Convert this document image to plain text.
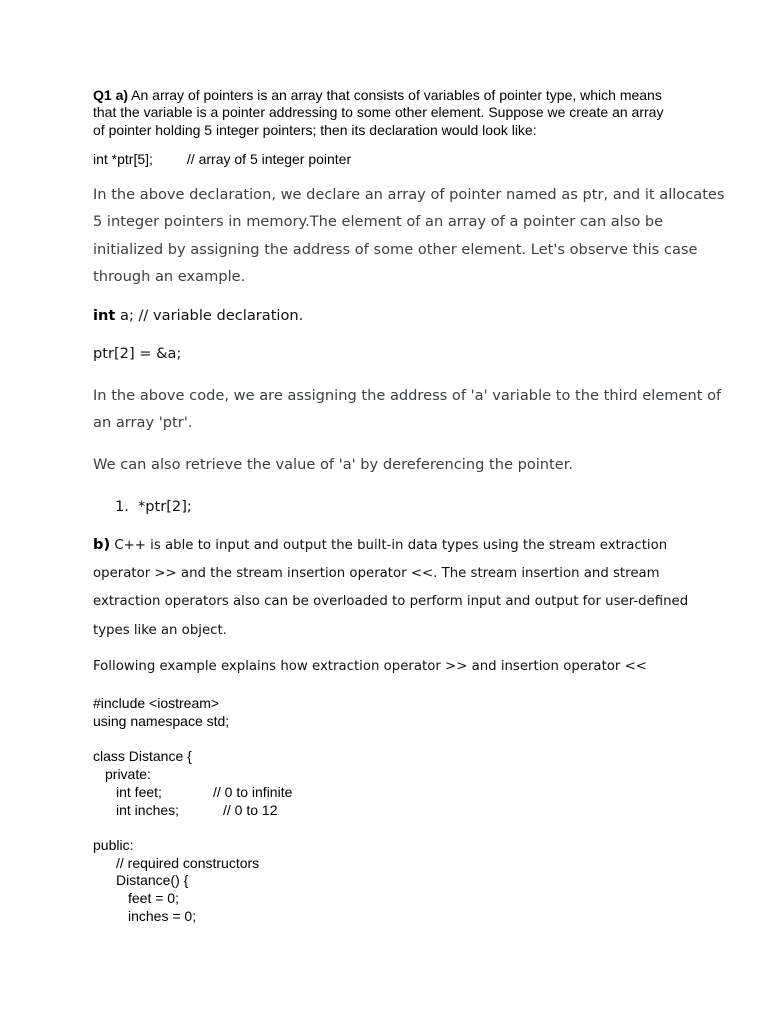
Q1 a) An array of pointers is an array that consists of variables of pointer type, which means

that the variable is a pointer addressing to some other element. Suppose we create an array

of pointer holding 5 integer pointers; then its declaration would look like:

int *ptr[5]; // array of 5 integer pointer

In the above declaration, we declare an array of pointer named as ptr, and it allocates

5 integer pointers in memory.The element of an array of a pointer can also be

initialized by assigning the address of some other element. Let's observe this case

through an example.

int a; // variable declaration.

ptr[2] = &a;

In the above code, we are assigning the address of 'a' variable to the third element of

an array 'ptr'.

We can also retrieve the value of 'a' by dereferencing the pointer.

1. *ptr[2];

b) C++ is able to input and output the built-in data types using the stream extraction

operator >> and the stream insertion operator <<. The stream insertion and stream

extraction operators also can be overloaded to perform input and output for user-defined

types like an object.

Following example explains how extraction operator >> and insertion operator <<

#include <iostream>

using namespace std;

class Distance {

private:

int feet;	// 0 to infinite

int inches;	// 0 to 12

public:

// required constructors

Distance() {

feet = 0;

inches = 0;
